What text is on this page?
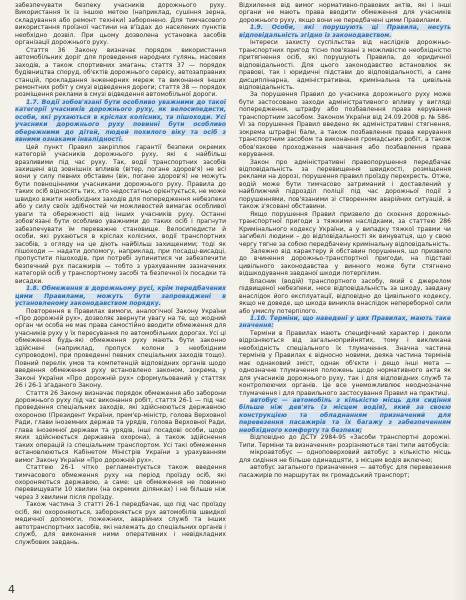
забезпечувати безпеку учасників дорожнього руху. Використання їх із іншою метою (наприклад, сушіння зерна, складування або ремонт техніки) заборонено. Для тимчасового використання проїзної частини на в'їздах до населених пунктів необхідно дозвіл. При цьому дозволена установка засобів організації дорожнього руху.

Стаття 36 Закону визначає порядок використання автомобільних доріг для проведення народних гулянь, масових заходів, а також спортивних змагань; стаття 37 — порядок будівництва споруд, об'єктів дорожнього сервісу, автозаправних станцій, прокладання інженерних мереж та виконання інших ремонтних робіт у смузі відведення дороги; стаття 38 — порядок розміщення реклами в смузі відведення автомобільної дороги.

1.7. Водії зобов'язані бути особливо уважними до такої категорії учасників дорожнього руху, як велосипедисти, особи, які рухаються в кріслах колісних, та пішоходи. Усі учасники дорожнього руху повинні бути особливо обережними до дітей, людей похилого віку та осіб з явними ознаками інвалідності.

Цей пункт Правил закріплює гарантії безпеки окремих категорій учасників дорожнього руху, які є найбільш вразливими під час руху. Так, водії транспортних засобів захищені від зовнішніх впливів (вітер, погане здоров'я) не всі вони у силу певних обставин (вік, погане здоров'я) не можуть бути повноцінними учасниками дорожнього руху. Правила до таких осіб відносять тих, хто недостатньо орієнтується, не може швидко вжити необхідних заходів для попередження небезпеки або у силу своїх здібностей чи можливостей вимагає особливої уваги та обережності від інших учасників руху. Останні зобов'язані бути особливо уважними до таких осіб і прагнути забезпечувати їм переважне становище. Велосипедисти й особи, які рухаються в кріслах колісних, водії транспортних засобів, з огляду на це діють найбільш захищеними; тоді як пішоходи — надати допомогу, наприклад, при посадці-висадці, пропустити пішоходів, при потребі зупинитися чи забезпечити безпечний рух пасажирів — тобто з урахуванням зазначених категорій осіб у транспортному засобі та безпечної їх посадки та висадки.

1.8. Обмеження в дорожньому русі, крім передбачених цими Правилами, можуть бути запроваджені в установленому законодавством порядку.

Повторення в Правилах вимоги, аналогічної Закону України «Про дорожній рух», дозволяє звернути увагу на те, що жодний орган чи особа не має права самостійно вводити обмеження для учасників руху у їх пересування по автомобільних дорогах. Усі ці обмеження будь-які обмеження руху мають бути законно здійснені (наприклад, пропуск колони з необхідним супроводом), при проведенні певних спеціальних заходів тощо). Повний перелік умов та компетенцій відповідних органів щодо введення обмеження руху встановлено законом, зокрема, у Законі України «Про дорожній рух» сформульований у статтях 26 і 26-1 згаданого Закону.

Стаття 26 Закону визначає порядок обмеження або заборони дорожнього руху під час виконання робіт, стаття 26-1 — під час проведення спеціальних заходів, які здійснюються державною охороною (Президент України, прем'єр-міністр, голова Верховної Ради, глави іноземних держав та урядів, голова Верховної Ради, глава іноземної держави та урядів, інші посадові особи, щодо яких здійснюється державна охорона), а також здійснення таких операцій із спеціальним транспортом. Усі такі обмеження встановлюються Кабінетом Міністрів України з урахуванням вимог Закону України «Про дорожній рух».

Статтею 26-1 чітко регламентується також введення тимчасового обмеження руху на період проїзду осіб, які охороняються державою, а саме: ця обмеження не повинно перевищувати 10 хвилин (на окремих ділянках) і не більше ніж через 3 хвилини після проїзду.

Також частина 3 статті 26-1 передбачає, що під час проїзду осіб, які охороняються, забороняється рух автомобілів швидкої медичної допомоги, пожежних, аварійних служб та інших автотранспортних засобів, які належать до спеціальних органів і служб, для виконання ними оперативних і невідкладних службових завдань.

Відхилення від вимог нормативно-правових актів, які і інші органи не мають права вводити обмеження для учасників дорожнього руху, якщо вони не передбачені цими Правилами.

1.9. Особи, які порушують ці Правила, несуть відповідальність згідно із законодавством.

Інтереси захисту суспільства від наслідків дорожньо-транспортних пригод тісно пов'язані з можливістю необхідністю притягнення осіб, які порушують Правила, до юридичної відповідальності. Для цього законодавство встановлює як правові, так і юридичні підстави до відповідальності, а саме дисциплінарна, адміністративна, кримінальна та цивільна відповідальність.

За порушення Правил до учасника дорожнього руху може бути застосовано заходи адміністративного впливу у вигляді попередження, штрафу або позбавлення права керування транспортним засобом. Законом України від 24.09.2008 р. № 586-VI за порушення Правил введено як адміністративні стягнення, зокрема штрафні бали, а також позбавлення права керування транспортним засобом та виконання громадських робіт, а також обов'язкове проходження навчання або позбавлення права керування.

Закон про адміністративні правопорушення передбачає відповідальність за перевищення швидкості, розміщення реклами на дорозі, порушення правил проїзду перехресть. Отже, водій може бути тимчасово затриманий і доставлений у найближчий підрозділ поліції під час дорожньої події з порушеннями, пов'язаними зі створенням аварійних ситуацій, а також з'ясовані обставини.

Якщо порушення Правил призвело до скоєння дорожньо-транспортної пригоди з тяжкими наслідками, за статтею 286 Кримінального кодексу України, а у випадку тяжкої травми чи загибелі людини – до відповідальності як винуватця, що у свою чергу тягне за собою передбачену кримінальну відповідальність.

Залежно від характеру й обставин порушення, що призвело до вчинення дорожньо-транспортної пригоди, на підставі цивільного законодавства у винного може бути стягнено відшкодування завданої шкоди потерпілим.

Власник (водій) транспортного засобу, який є джерелом підвищеної небезпеки, несе відповідальність за шкоду, завдану внаслідок його експлуатації, відповідно до Цивільного кодексу, якщо не доведе, що шкода виникла внаслідок непереборної сили або умислу потерпілого.

1.10. Терміни, що наведені у цих Правилах, мають таке значення:

Терміни в Правилах мають специфічний характер і деколи відрізняються від загальноприйнятих, тому і викликана необхідність спеціального їх тлумачення. Значна частина термінів у Правилах є відносно новими, деяка частина термінів має однаковий зміст, однак об'єкти і дещо інші мета — однозначне тлумачення положень щодо нормативного акта як для учасників дорожнього руху, так і для відповідних служб та контролюючих органів. Це все унеможливлює неоднозначне тлумачення і для правильного застосування Правил на практиці.

автобус — автомобіль з кількістю місць для сидіння більше ніж дев'ять (з місцем водія), який за своєю конструкцією та обладнанням призначений для перевезення пасажирів та їх багажу з забезпеченням необхідного комфорту та безпеки;

Відповідно до ДСТУ 2984-95 «Засоби транспортні дорожні. Типи. Терміни та визначення» розрізняються такі типи автобусів:

мікроавтобус — одноповерховий автобус з кількістю місць для сидіння не більше одинадцяти, з місцем водія включно;

автобус загального призначення — автобус для перевезення пасажирів по маршрутах як громадський транспорт;

4
